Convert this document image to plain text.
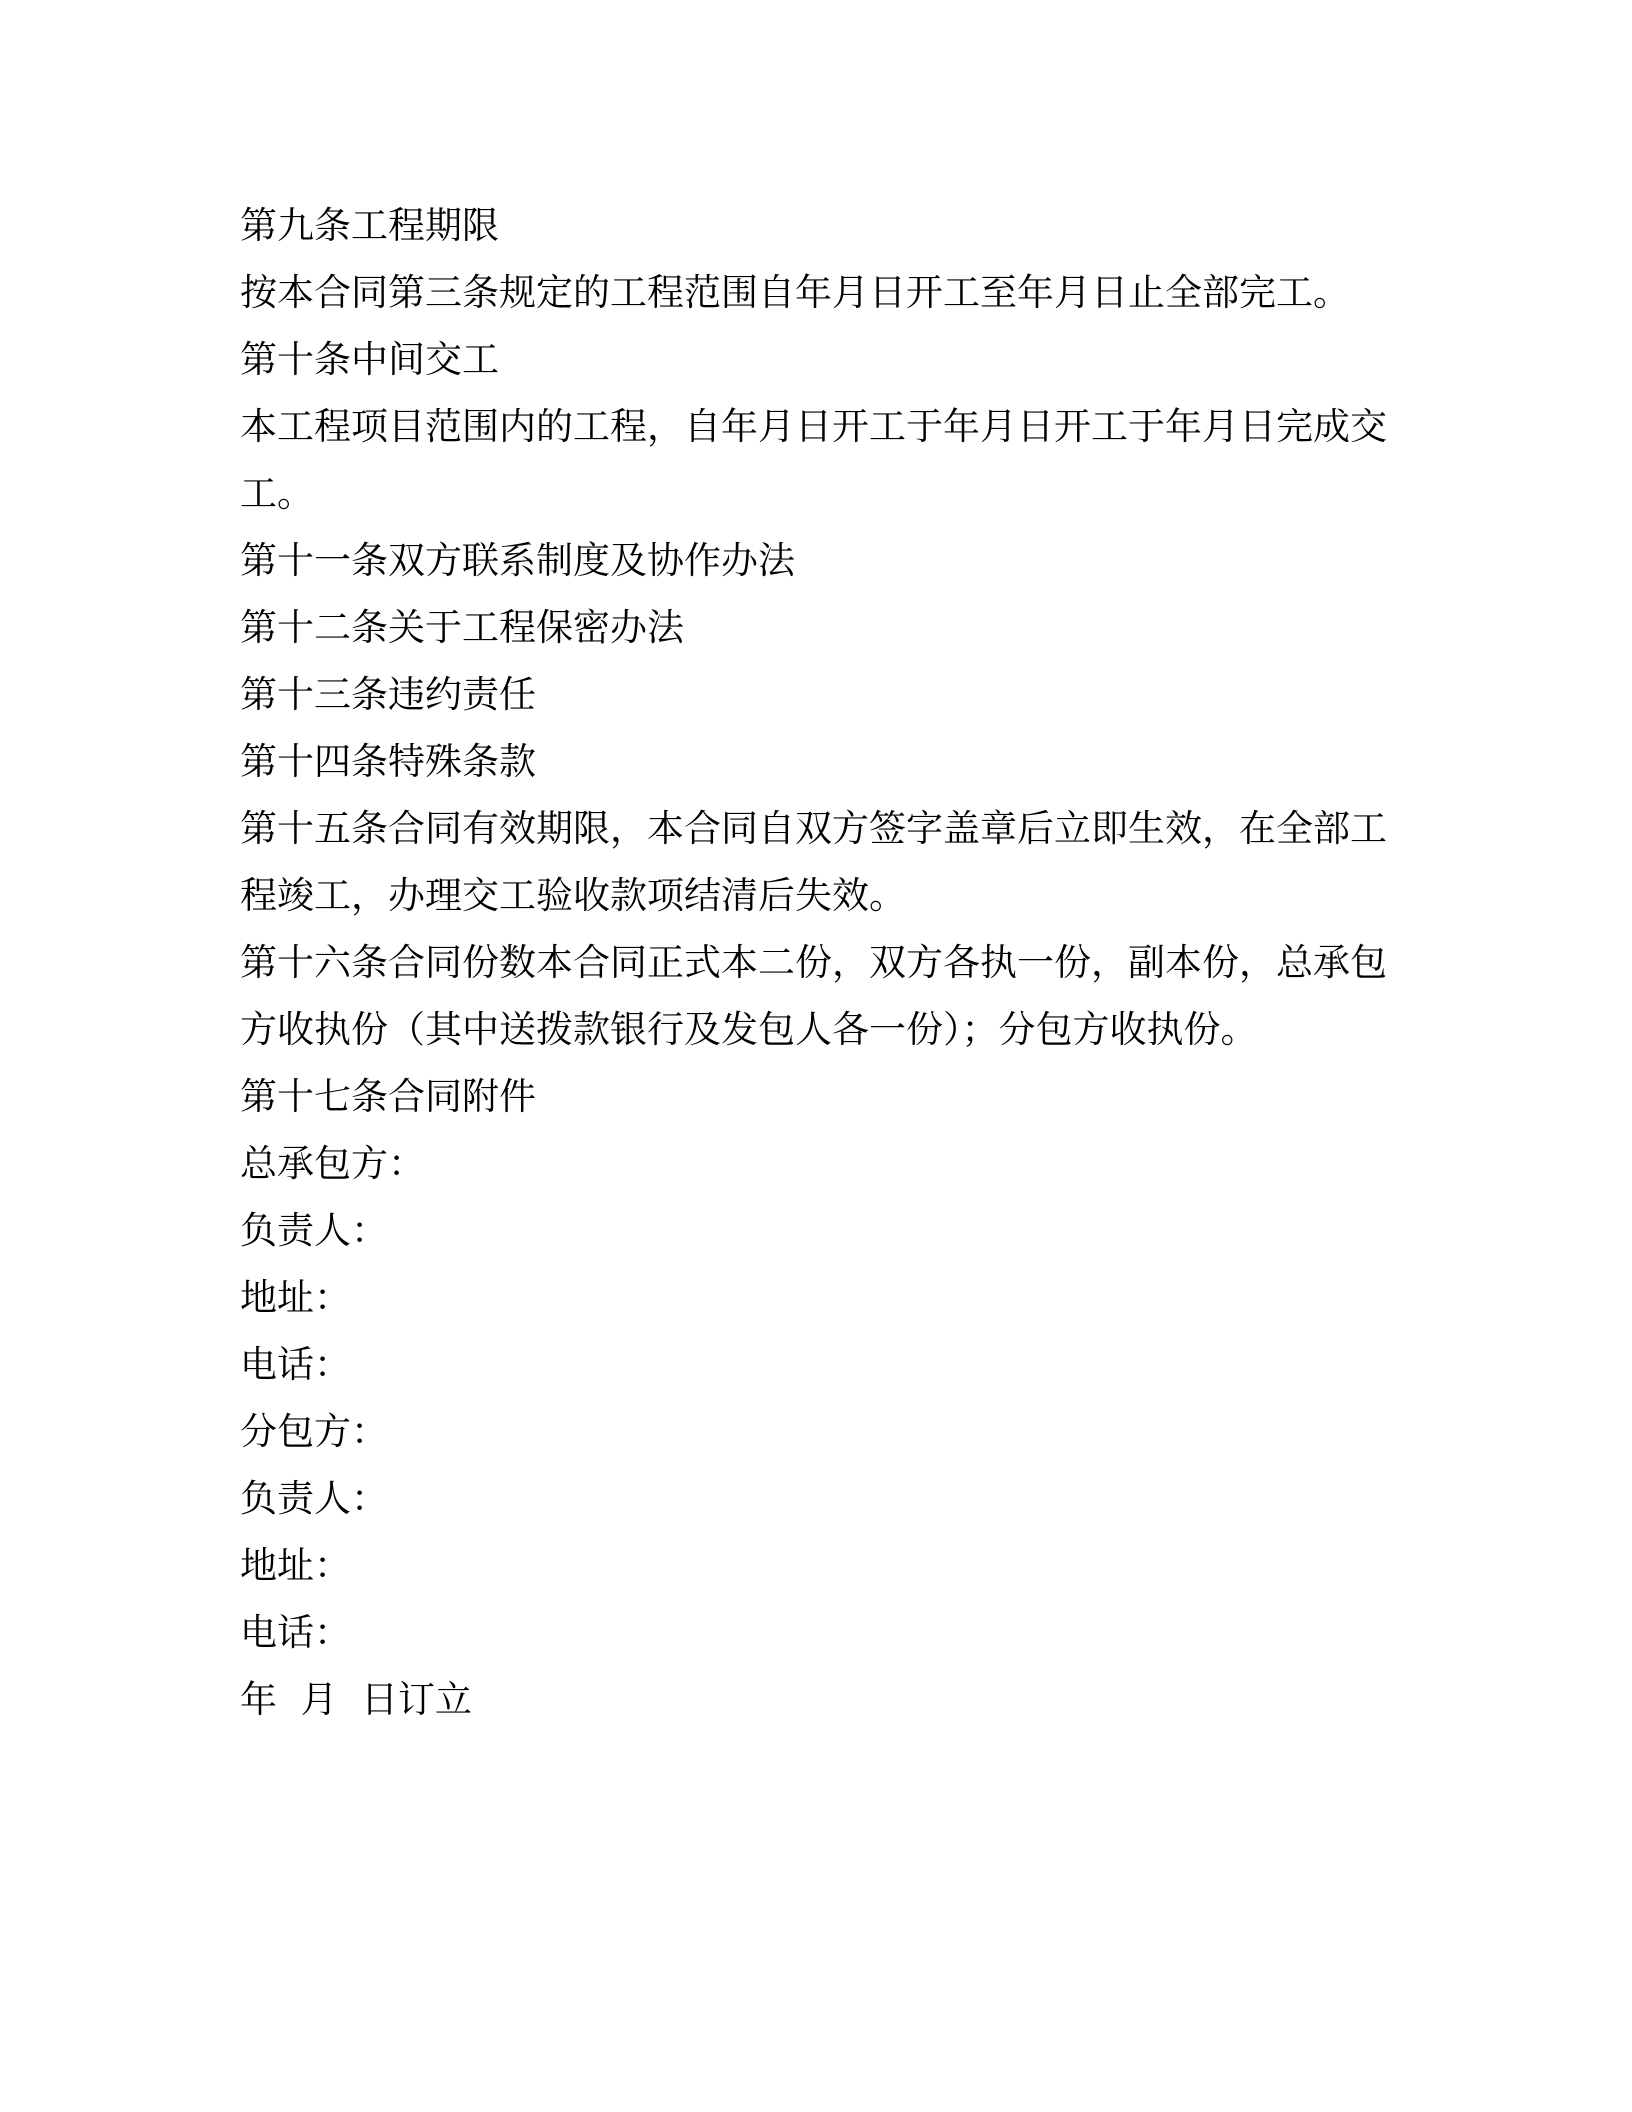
第九条工程期限

按本合同第三条规定的工程范围自年月日开工至年月日止全部完工。

第十条中间交工

本工程项目范围内的工程，自年月日开工于年月日开工于年月日完成交

工。

第十一条双方联系制度及协作办法

第十二条关于工程保密办法

第十三条违约责任

第十四条特殊条款

第十五条合同有效期限，本合同自双方签字盖章后立即生效，在全部工

程竣工，办理交工验收款项结清后失效。

第十六条合同份数本合同正式本二份，双方各执一份，副本份，总承包

方收执份（其中送拨款银行及发包人各一份）；分包方收执份。

第十七条合同附件

总承包方：

负责人：

地址：

电话：

分包方：

负责人：

地址：

电话：

年  月  日订立
